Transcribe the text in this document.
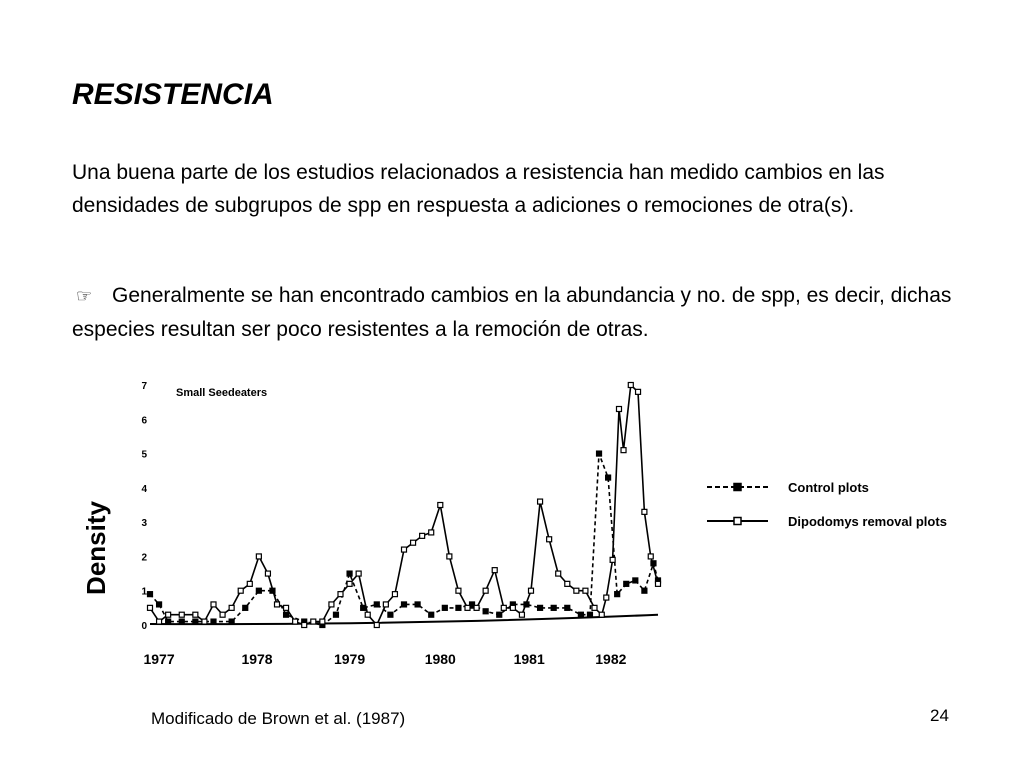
RESISTENCIA

Una buena parte de los estudios relacionados a resistencia han medido cambios en las densidades de subgrupos de spp en respuesta a adiciones o remociones de otra(s).

☞ Generalmente se han encontrado cambios en la abundancia y no. de spp, es decir, dichas especies resultan ser poco resistentes a la remoción de otras.

0
1
2
3
4
5
6
7
1977	1978	1979	1980	1981	1982
Small Seedeaters
Density
Control plots
Dipodomys removal plots
Modificado de Brown et al. (1987)	24
